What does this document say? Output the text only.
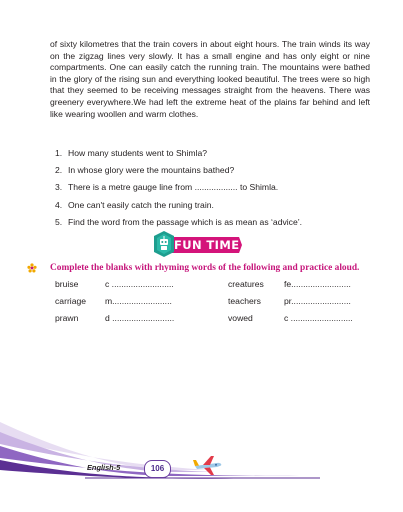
of sixty kilometres that the train covers in about eight hours. The train winds its way on the zigzag lines very slowly. It has a small engine and has only eight or nine compartments. One can easily catch the running train. The mountains were bathed in the glory of the rising sun and everything looked beautiful. The trees were so high that they seemed to be receiving messages straight from the heavens. There was greenery everywhere.We had left the extreme heat of the plains far behind and left like wearing woollen and warm clothes.

1. How many students went to Shimla?
2. In whose glory were the mountains bathed?
3. There is a metre gauge line from .................. to Shimla.
4. One can't easily catch the runing train.
5. Find the word from the passage which is as mean as ‘advice’.
FUN TIME
Complete the blanks with rhyming words of the following and practice aloud.
bruise	c ..........................	creatures	fe.........................
carriage	m.........................	teachers	pr.........................
prawn	d ..........................	vowed	c ..........................
English-5	106
